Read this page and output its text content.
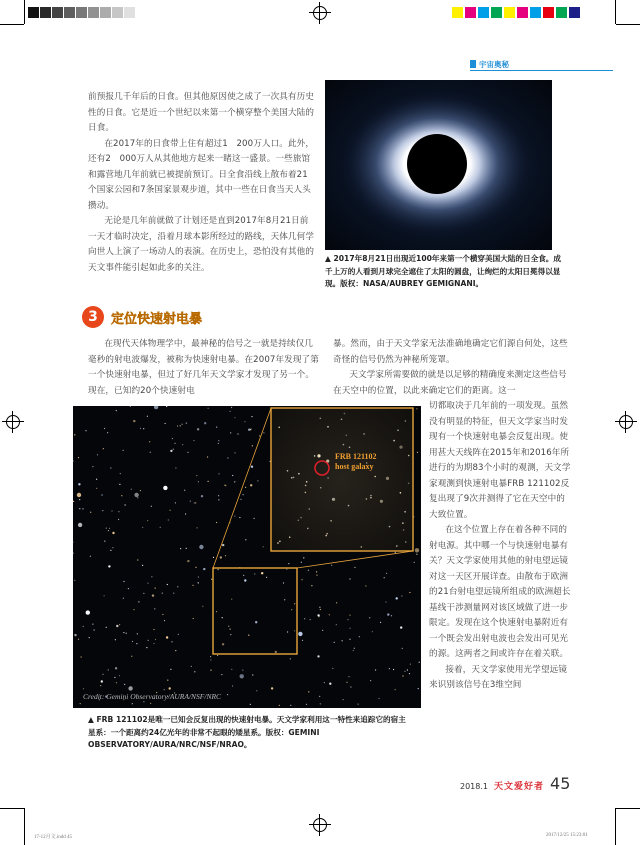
17-12月文.indd 45	2017/12/25 15:23:01
宇宙奥秘

前预报几千年后的日食。但其他原因使之成了一次具有历史性的日食。它是近一个世纪以来第一个横穿整个美国大陆的日食。

在2017年的日食带上住有超过1　200万人口。此外，还有2　000万人从其他地方起来一睹这一盛景。一些旅馆和露营地几年前就已被提前预订。日全食沿线上散布着21个国家公园和7条国家景观步道，其中一些在日食当天人头攒动。

无论是几年前就做了计划还是直到2017年8月21日前一天才临时决定，沿着月球本影所经过的路线，天体几何学向世人上演了一场动人的表演。在历史上，恐怕没有其他的天文事件能引起如此多的关注。

▲ 2017年8月21日出现近100年来第一个横穿美国大陆的日全食。成千上万的人看到月球完全遮住了太阳的圆盘，让绚烂的太阳日冕得以显现。版权：NASA/AUBREY GEMIGNANI。
3 定位快速射电暴

在现代天体物理学中，最神秘的信号之一就是持续仅几毫秒的射电波爆发，被称为快速射电暴。在2007年发现了第一个快速射电暴，但过了好几年天文学家才发现了另一个。现在，已知约20个快速射电

暴。然而，由于天文学家无法准确地确定它们源自何处，这些奇怪的信号仍然为神秘所笼罩。

天文学家所需要做的就是以足够的精确度来测定这些信号在天空中的位置，以此来确定它们的距离。这一

FRB 121102
host galaxy
Credit: Gemini Observatory/AURA/NSF/NRC
▲ FRB 121102是唯一已知会反复出现的快速射电暴。天文学家利用这一特性来追踪它的宿主星系：一个距离约24亿光年的非常不起眼的矮星系。版权：GEMINI OBSERVATORY/AURA/NRC/NSF/NRAO。

切都取决于几年前的一项发现。虽然没有明显的特征，但天文学家当时发现有一个快速射电暴会反复出现。使用甚大天线阵在2015年和2016年所进行的为期83个小时的观测，天文学家观测到快速射电暴FRB 121102反复出现了9次并测得了它在天空中的大致位置。

在这个位置上存在着各种不同的射电源。其中哪一个与快速射电暴有关？天文学家使用其他的射电望远镜对这一天区开展详查。由散布于欧洲的21台射电望远镜所组成的欧洲超长基线干涉测量网对该区域做了进一步限定。发现在这个快速射电暴附近有一个既会发出射电波也会发出可见光的源。这两者之间或许存在着关联。

接着，天文学家使用光学望远镜来识别该信号在3维空间

2018.1 天文爱好者 45
